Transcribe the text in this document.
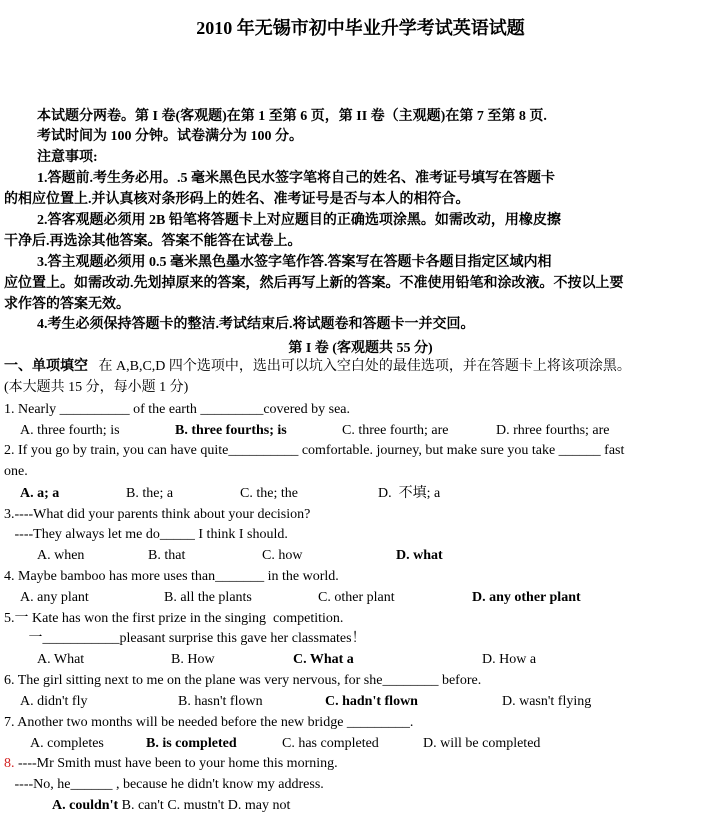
2010 年无锡市初中毕业升学考试英语试题
本试题分两卷。第 I 卷(客观题)在第 1 至第 6 页，第 II 卷（主观题)在第 7 至第 8 页.
考试时间为 100 分钟。试卷满分为 100 分。
注意事项:
1.答题前.考生务必用。.5 毫米黑色民水签字笔将自己的姓名、准考证号填写在答题卡
的相应位置上.并认真核对条形码上的姓名、准考证号是否与本人的相符合。
2.答客观题必须用 2B 铅笔将答题卡上对应题目的正确选项涂黑。如需改动，用橡皮擦
干净后.再选涂其他答案。答案不能答在试卷上。
3.答主观题必须用 0.5 毫米黑色墨水签字笔作答.答案写在答题卡各题目指定区域内相
应位置上。如需改动.先划掉原来的答案，然后再写上新的答案。不准使用铅笔和涂改液。不按以上要
求作答的答案无效。
4.考生必须保持答题卡的整洁.考试结束后.将试题卷和答题卡一并交回。
第 I 卷 (客观题共 55 分)
一、单项填空   在 A,B,C,D 四个选项中，选出可以坑入空白处的最佳选项，并在答题卡上将该项涂黑。
(本大题共 15 分，每小题 1 分)
1. Nearly __________ of the earth _________covered by sea.
A. three fourth; is	B. three fourths; is	C. three fourth; are	D. rhree fourths; are
2. If you go by train, you can have quite__________ comfortable. journey, but make sure you take ______ fast
one.
A. a; a	B. the; a	C. the; the	D.  不填; a
3.----What did your parents think about your decision?
----They always let me do_____ I think I should.
A. when	B. that	C. how	D. what
4. Maybe bamboo has more uses than_______ in the world.
A. any plant	B. all the plants	C. other plant	D. any other plant
5.一 Kate has won the first prize in the singing  competition.
一___________pleasant surprise this gave her classmates！
A. What	B. How	C. What a	D. How a
6. The girl sitting next to me on the plane was very nervous, for she________ before.
A. didn't fly	B. hasn't flown	C. hadn't flown	D. wasn't flying
7. Another two months will be needed before the new bridge _________.
A. completes	B. is completed	C. has completed	D. will be completed
8. ----Mr Smith must have been to your home this morning.
----No, he______ , because he didn't know my address.
A. couldn't B. can't C. mustn't D. may not
